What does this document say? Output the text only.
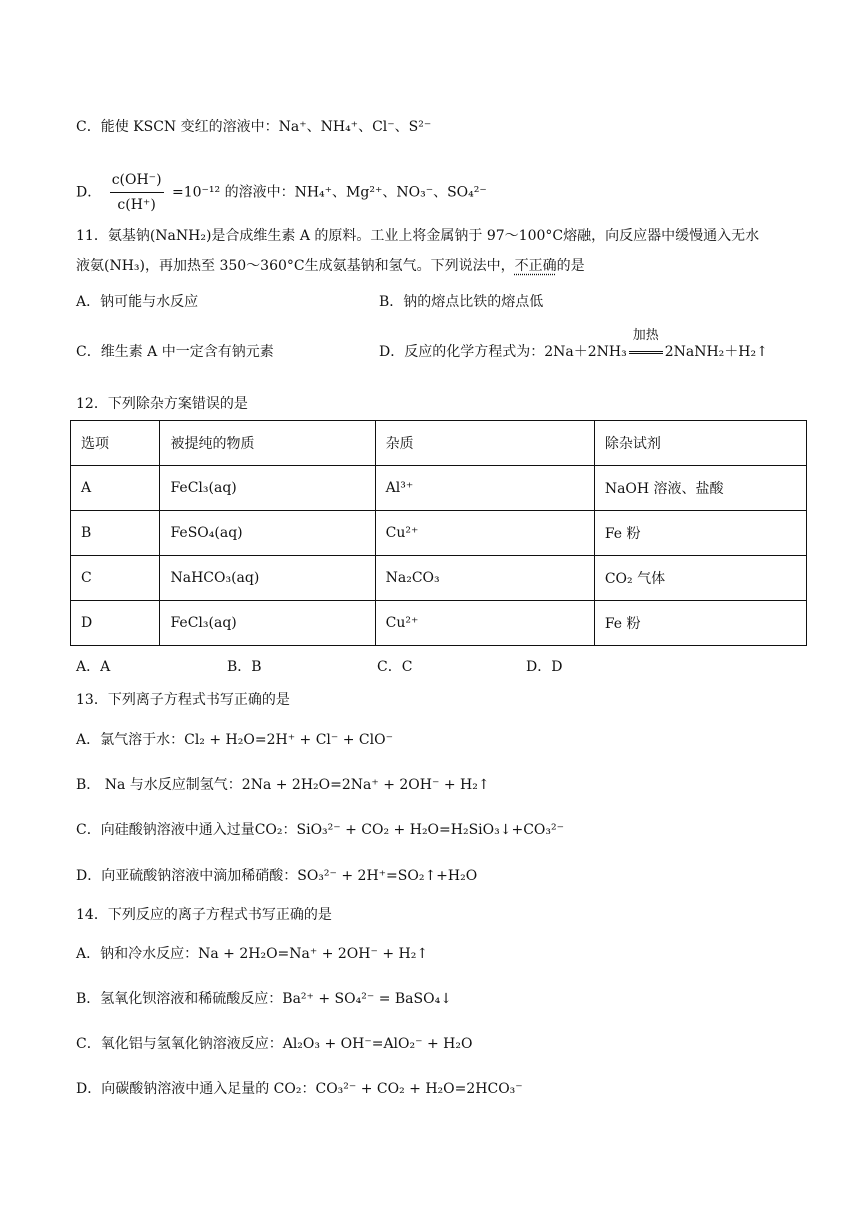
C．能使 KSCN 变红的溶液中：Na⁺、NH₄⁺、Cl⁻、S²⁻
D． $\frac{c(OH^-)}{c(H^+)} =10^{-12}$ 的溶液中：NH₄⁺、Mg²⁺、NO₃⁻、SO₄²⁻
11．氨基钠(NaNH₂)是合成维生素 A 的原料。工业上将金属钠于 97～100°C熔融，向反应器中缓慢通入无水
液氨(NH₃)，再加热至 350～360°C生成氨基钠和氢气。下列说法中，不正确的是
A．钠可能与水反应	B．钠的熔点比铁的熔点低
C．维生素 A 中一定含有钠元素	D．反应的化学方程式为：2Na＋2NH₃
加热
2NaNH₂＋H₂↑
12．下列除杂方案错误的是
选项	被提纯的物质	杂质	除杂试剂
A	FeCl₃(aq)	Al³⁺	NaOH 溶液、盐酸
B	FeSO₄(aq)	Cu²⁺	Fe 粉
C	NaHCO₃(aq)	Na₂CO₃	CO₂ 气体
D	FeCl₃(aq)	Cu²⁺	Fe 粉
A．A	B．B	C．C	D．D
13．下列离子方程式书写正确的是
A．氯气溶于水：Cl₂ + H₂O=2H⁺ + Cl⁻ + ClO⁻
B． Na 与水反应制氢气：2Na + 2H₂O=2Na⁺ + 2OH⁻ + H₂↑
C．向硅酸钠溶液中通入过量CO₂：SiO₃²⁻ + CO₂ + H₂O=H₂SiO₃↓+CO₃²⁻
D．向亚硫酸钠溶液中滴加稀硝酸：SO₃²⁻ + 2H⁺=SO₂↑+H₂O
14．下列反应的离子方程式书写正确的是
A．钠和冷水反应：Na + 2H₂O=Na⁺ + 2OH⁻ + H₂↑
B．氢氧化钡溶液和稀硫酸反应：Ba²⁺ + SO₄²⁻ = BaSO₄↓
C．氧化铝与氢氧化钠溶液反应：Al₂O₃ + OH⁻=AlO₂⁻ + H₂O
D．向碳酸钠溶液中通入足量的 CO₂：CO₃²⁻ + CO₂ + H₂O=2HCO₃⁻
